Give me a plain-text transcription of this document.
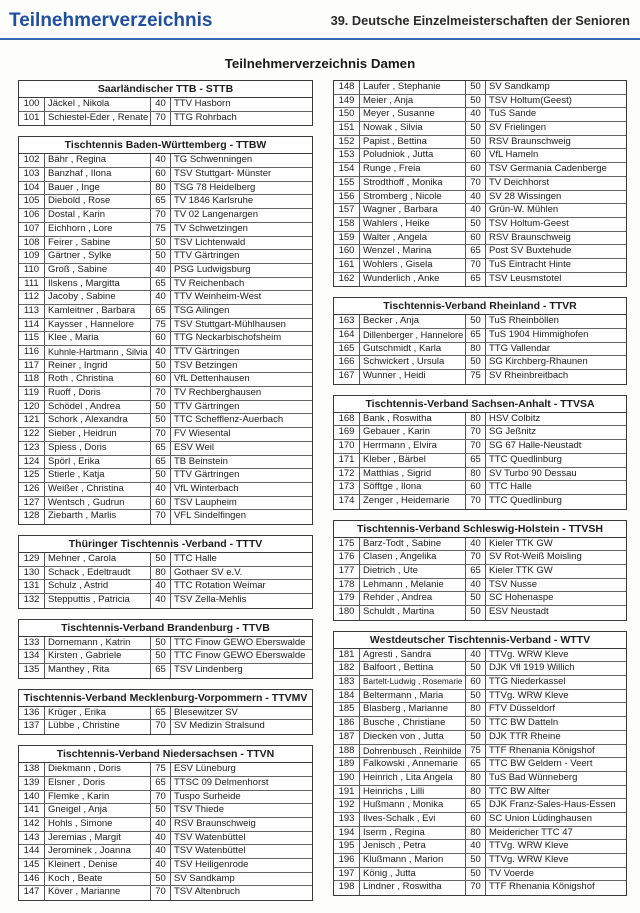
Teilnehmerverzeichnis	39. Deutsche Einzelmeisterschaften der Senioren
Teilnehmerverzeichnis Damen
Saarländischer TTB - STTB
100 Jäckel , Nikola	40 TTV Hasborn
101 Schiestel-Eder , Renate 70 TTG Rohrbach
Tischtennis Baden-Württemberg - TTBW
102 Bähr , Regina	40 TG Schwenningen
103 Banzhaf , Ilona	60 TSV Stuttgart- Münster
104 Bauer , Inge	80 TSG 78 Heidelberg
105 Diebold , Rose	65 TV 1846 Karlsruhe
106 Dostal , Karin	70 TV 02 Langenargen
107 Eichhorn , Lore	75 TV Schwetzingen
108 Feirer , Sabine	50 TSV Lichtenwald
109 Gärtner , Sylke	50 TTV Gärtringen
110 Groß , Sabine	40 PSG Ludwigsburg
111 Ilskens , Margitta	65 TV Reichenbach
112 Jacoby , Sabine	40 TTV Weinheim-West
113 Kamleitner , Barbara	65 TSG Ailingen
114 Kaysser , Hannelore	75 TSV Stuttgart-Mühlhausen
115 Klee , Maria	60 TTG Neckarbischofsheim
116 Kuhnle-Hartmann , Silvia 40 TTV Gärtringen
117 Reiner , Ingrid	50 TSV Betzingen
118 Roth , Christina	60 VfL Dettenhausen
119 Ruoff , Doris	70 TV Rechberghausen
120 Schödel , Andrea	50 TTV Gärtringen
121 Schork , Alexandra	50 TTC Schefflenz-Auerbach
122 Sieber , Heidrun	70 FV Wiesental
123 Spiess , Doris	65 ESV Weil
124 Spörl , Erika	65 TB Beinstein
125 Stierle , Katja	50 TTV Gärtringen
126 Weißer , Christina	40 VfL Winterbach
127 Wentsch , Gudrun	60 TSV Laupheim
128 Ziebarth , Marlis	70 VFL Sindelfingen
Thüringer Tischtennis -Verband - TTTV
129 Mehner , Carola	50 TTC Halle
130 Schack , Edeltraudt	80 Gothaer SV e.V.
131 Schulz , Astrid	40 TTC Rotation Weimar
132 Stepputtis , Patricia	40 TSV Zella-Mehlis
Tischtennis-Verband Brandenburg - TTVB
133 Dornemann , Katrin	50 TTC Finow GEWO Eberswalde
134 Kirsten , Gabriele	50 TTC Finow GEWO Eberswalde
135 Manthey , Rita	65 TSV Lindenberg
Tischtennis-Verband Mecklenburg-Vorpommern - TTVMV
136 Krüger , Erika	65 Blesewitzer SV
137 Lübbe , Christine	70 SV Medizin Stralsund
Tischtennis-Verband Niedersachsen - TTVN
138 Diekmann , Doris	75 ESV Lüneburg
139 Elsner , Doris	65 TTSC 09 Delmenhorst
140 Flemke , Karin	70 Tuspo Surheide
141 Gneigel , Anja	50 TSV Thiede
142 Hohls , Simone	40 RSV Braunschweig
143 Jeremias , Margit	40 TSV Watenbüttel
144 Jerominek , Joanna	40 TSV Watenbüttel
145 Kleinert , Denise	40 TSV Heiligenrode
146 Koch , Beate	50 SV Sandkamp
147 Köver , Marianne	70 TSV Altenbruch
148 Laufer , Stephanie	50 SV Sandkamp
149 Meier , Anja	50 TSV Holtum(Geest)
150 Meyer , Susanne	40 TuS Sande
151 Nowak , Silvia	50 SV Frielingen
152 Papist , Bettina	50 RSV Braunschweig
153 Poludniok , Jutta	60 VfL Hameln
154 Runge , Freia	60 TSV Germania Cadenberge
155 Strodthoff , Monika	70 TV Deichhorst
156 Stromberg , Nicole	40 SV 28 Wissingen
157 Wagner , Barbara	40 Grün-W. Mühlen
158 Wahlers , Heike	50 TSV Holtum-Geest
159 Walter , Angela	60 RSV Braunschweig
160 Wenzel , Marina	65 Post SV Buxtehude
161 Wohlers , Gisela	70 TuS Eintracht Hinte
162 Wunderlich , Anke	65 TSV Leusmstotel
Tischtennis-Verband Rheinland - TTVR
163 Becker , Anja	50 TuS Rheinböllen
164 Dillenberger , Hannelore 65 TuS 1904 Himmighofen
165 Gutschmidt , Karla	80 TTG Vallendar
166 Schwickert , Ursula	50 SG Kirchberg-Rhaunen
167 Wunner , Heidi	75 SV Rheinbreitbach
Tischtennis-Verband Sachsen-Anhalt - TTVSA
168 Bank , Roswitha	80 HSV Colbitz
169 Gebauer , Karin	70 SG Jeßnitz
170 Herrmann , Elvira	70 SG 67 Halle-Neustadt
171 Kleber , Bärbel	65 TTC Quedlinburg
172 Matthias , Sigrid	80 SV Turbo 90 Dessau
173 Söfftge , Ilona	60 TTC Halle
174 Zenger , Heidemarie	70 TTC Quedlinburg
Tischtennis-Verband Schleswig-Holstein - TTVSH
175 Barz-Todt , Sabine	40 Kieler TTK GW
176 Clasen , Angelika	70 SV Rot-Weiß Moisling
177 Dietrich , Ute	65 Kieler TTK GW
178 Lehmann , Melanie	40 TSV Nusse
179 Rehder , Andrea	50 SC Hohenaspe
180 Schuldt , Martina	50 ESV Neustadt
Westdeutscher Tischtennis-Verband - WTTV
181 Agresti , Sandra	40 TTVg. WRW Kleve
182 Balfoort , Bettina	50 DJK Vfl 1919 Willich
183	Bartelt-Ludwig , Rosemarie 60 TTG Niederkassel
184 Beltermann , Maria	50 TTVg. WRW Kleve
185 Blasberg , Marianne	80 FTV Düsseldorf
186 Busche , Christiane	50 TTC BW Datteln
187 Diecken von , Jutta	50 DJK TTR Rheine
188 Dohrenbusch , Reinhilde 75 TTF Rhenania Königshof
189 Falkowski , Annemarie	65 TTC BW Geldern - Veert
190 Heinrich , Lita Angela	80 TuS Bad Wünneberg
191 Heinrichs , Lilli	80 TTC BW Alfter
192 Hußmann , Monika	65 DJK Franz-Sales-Haus-Essen
193 Ilves-Schalk , Evi	60 SC Union Lüdinghausen
194 Iserm , Regina	80 Meidericher TTC 47
195 Jenisch , Petra	40 TTVg. WRW Kleve
196 Klußmann , Marion	50 TTVg. WRW Kleve
197 König , Jutta	50 TV Voerde
198 Lindner , Roswitha	70 TTF Rhenania Königshof
